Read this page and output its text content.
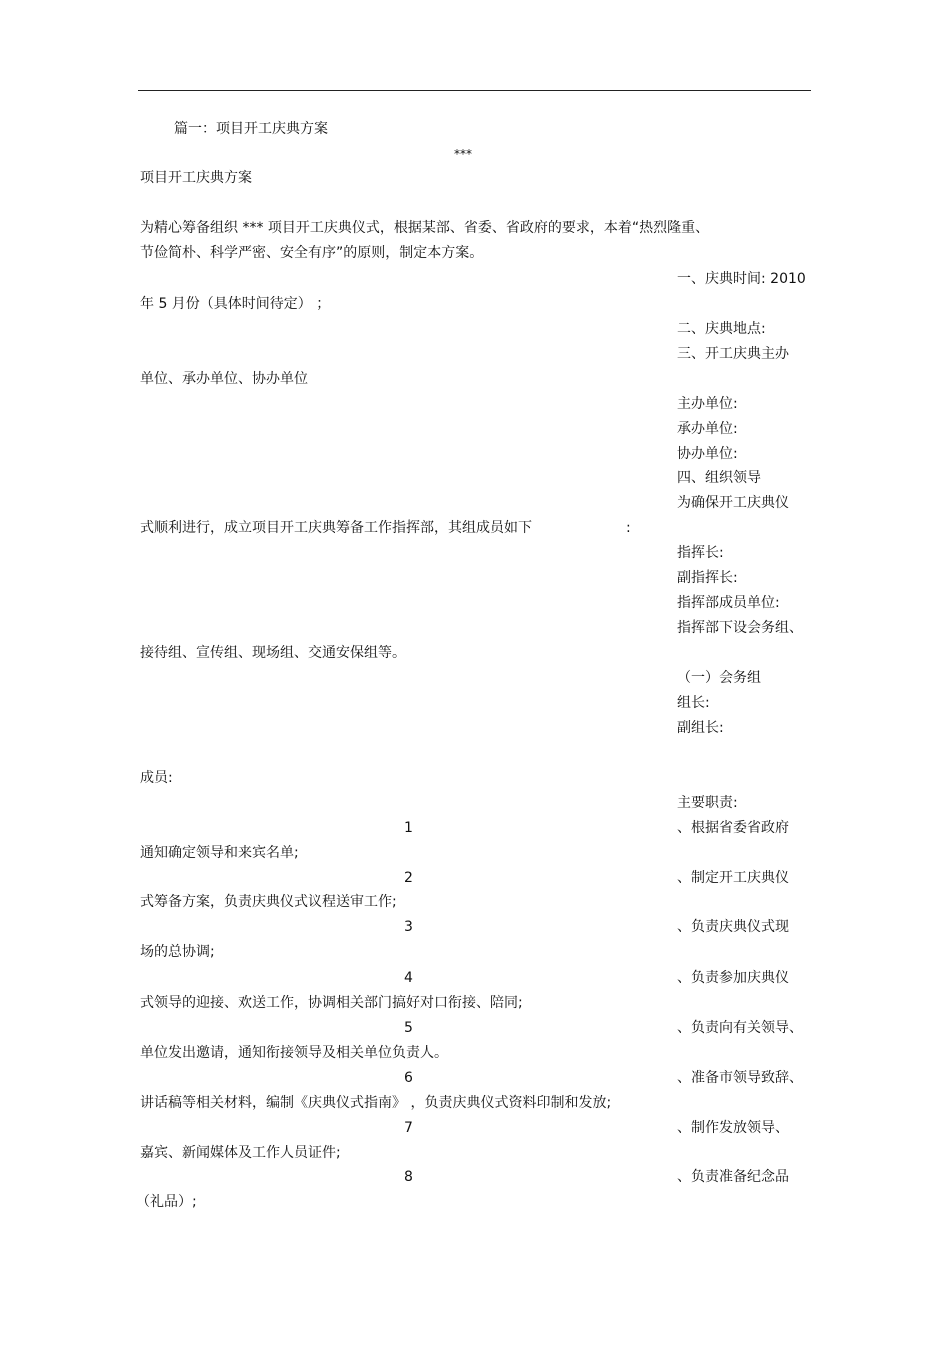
篇一：项目开工庆典方案
***
项目开工庆典方案
为精心筹备组织 *** 项目开工庆典仪式，根据某部、省委、省政府的要求，本着“热烈隆重、
节俭简朴、科学严密、安全有序”的原则，制定本方案。
一、庆典时间: 2010
年 5 月份（具体时间待定） ；
二、庆典地点:
三、开工庆典主办
单位、承办单位、协办单位
主办单位:
承办单位:
协办单位:
四、组织领导
为确保开工庆典仪
式顺利进行，成立项目开工庆典筹备工作指挥部，其组成员如下	:
指挥长:
副指挥长:
指挥部成员单位:
指挥部下设会务组、
接待组、宣传组、现场组、交通安保组等。
（一）会务组
组长:
副组长:
成员:
主要职责:
1	、根据省委省政府
通知确定领导和来宾名单;
2	、制定开工庆典仪
式筹备方案，负责庆典仪式议程送审工作;
3	、负责庆典仪式现
场的总协调;
4	、负责参加庆典仪
式领导的迎接、欢送工作，协调相关部门搞好对口衔接、陪同;
5	、负责向有关领导、
单位发出邀请，通知衔接领导及相关单位负责人。
6	、准备市领导致辞、
讲话稿等相关材料，编制《庆典仪式指南》 ，负责庆典仪式资料印制和发放;
7	、制作发放领导、
嘉宾、新闻媒体及工作人员证件;
8	、负责准备纪念品
（礼品）;
